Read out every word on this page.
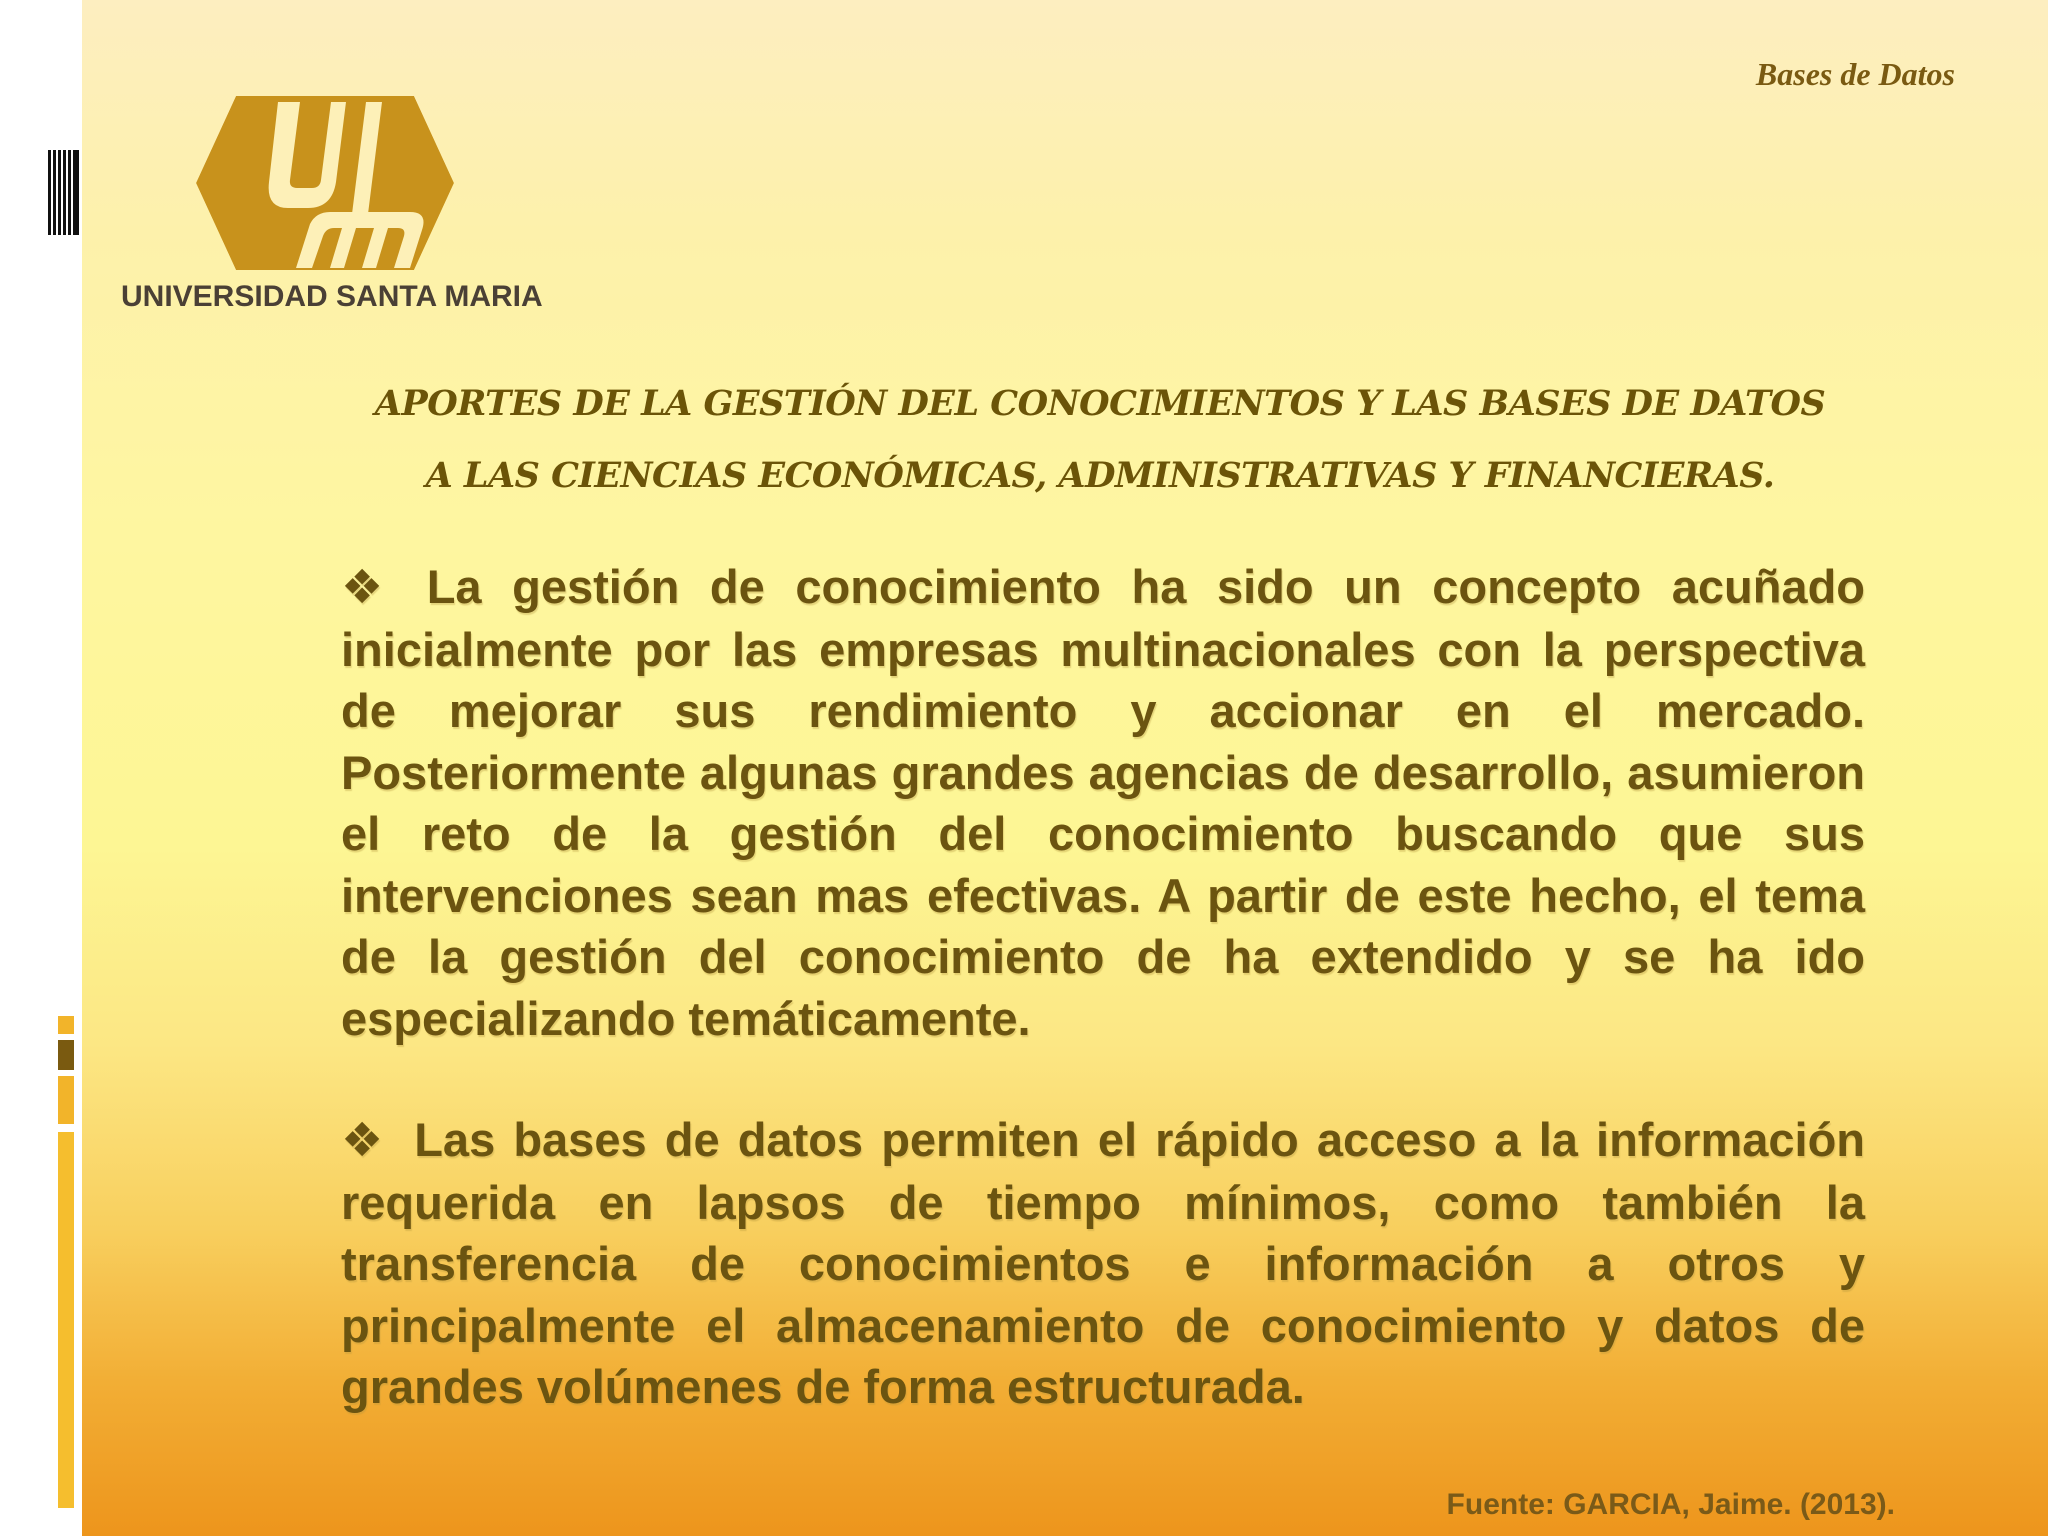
Bases de Datos
UNIVERSIDAD SANTA MARIA
APORTES DE LA GESTIÓN DEL CONOCIMIENTOS Y LAS BASES DE DATOS
A LAS CIENCIAS ECONÓMICAS, ADMINISTRATIVAS Y FINANCIERAS.
❖ La gestión de conocimiento ha sido un concepto acuñado inicialmente por las empresas multinacionales con la perspectiva de mejorar sus rendimiento y accionar en el mercado. Posteriormente algunas grandes agencias de desarrollo, asumieron el reto de la gestión del conocimiento buscando que sus intervenciones sean mas efectivas. A partir de este hecho, el tema de la gestión del conocimiento de ha extendido y se ha ido especializando temáticamente.
❖ Las bases de datos permiten el rápido acceso a la información requerida en lapsos de tiempo mínimos, como también la transferencia de conocimientos e información a otros y principalmente el almacenamiento de conocimiento y datos de grandes volúmenes de forma estructurada.
Fuente: GARCIA, Jaime. (2013).
